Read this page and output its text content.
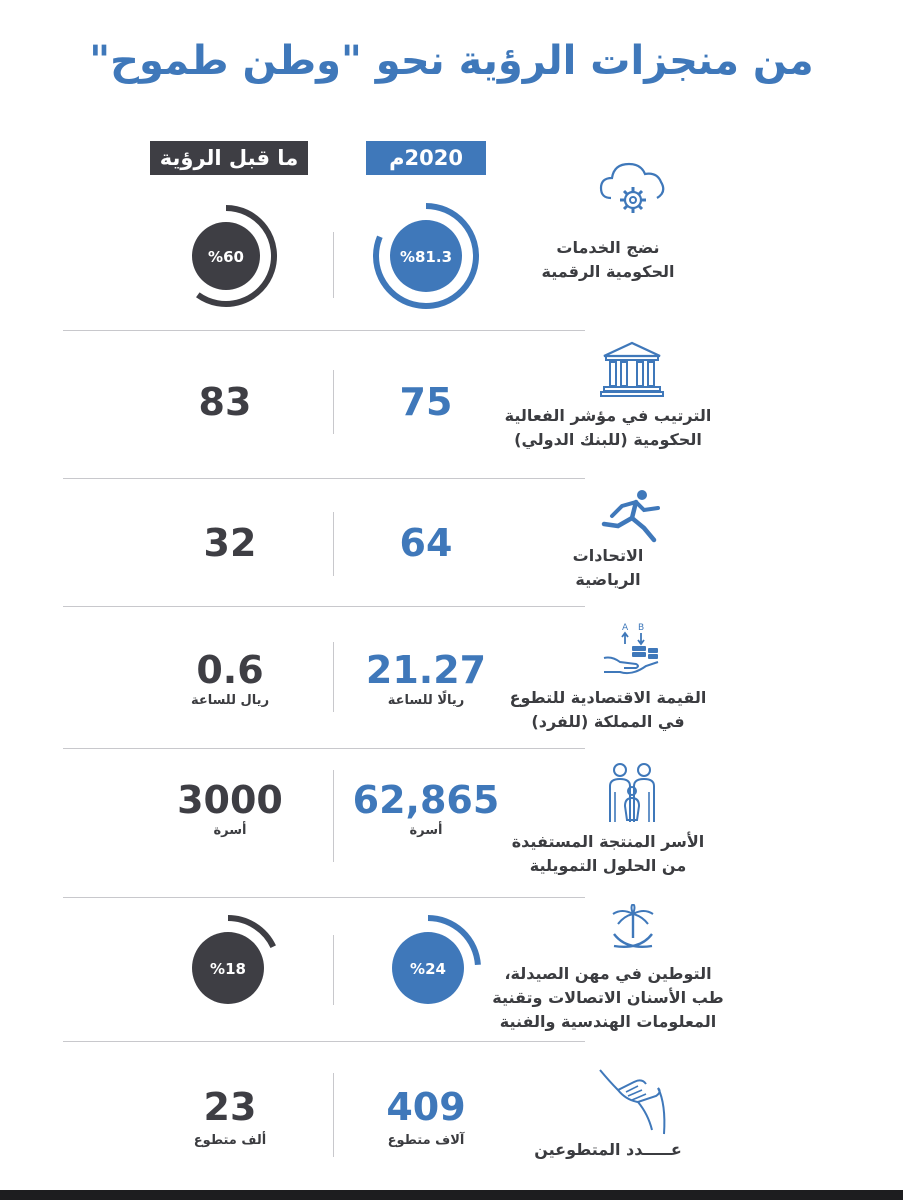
من منجزات الرؤية نحو "وطن طموح"
2020م
ما قبل الرؤية
نضج الخدمات
الحكومية الرقمية
%81.3
%60
الترتيب في مؤشر الفعالية
الحكومية (للبنك الدولي)
75
83
الاتحادات
الرياضية
64
32
A B
القيمة الاقتصادية للتطوع
في المملكة (للفرد)
21.27
ريالًا للساعة
0.6
ريال للساعة
الأسر المنتجة المستفيدة
من الحلول التمويلية
62,865
أسرة
3000
أسرة
التوطين في مهن الصيدلة،
طب الأسنان الاتصالات وتقنية
المعلومات الهندسية والفنية
%24
%18
عـــــدد المتطوعين
409
آلاف متطوع
23
ألف متطوع
